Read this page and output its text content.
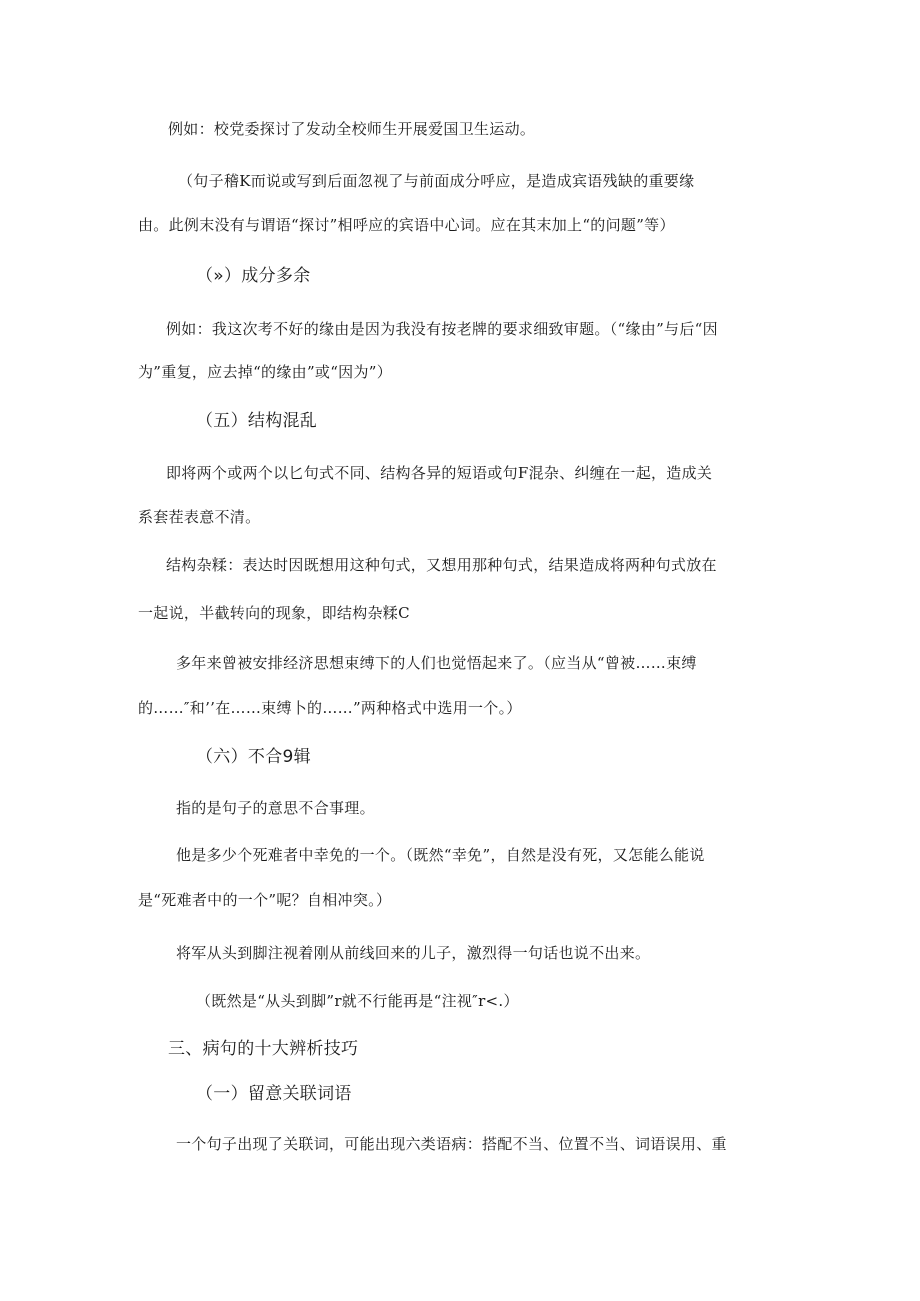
例如：校党委探讨了发动全校师生开展爱国卫生运动。
（句子稽K而说或写到后面忽视了与前面成分呼应，是造成宾语残缺的重要缘
由。此例末没有与谓语“探讨”相呼应的宾语中心词。应在其末加上“的问题”等）
（»）成分多余
例如：我这次考不好的缘由是因为我没有按老牌的要求细致审题。（“缘由”与后“因
为”重复，应去掉“的缘由”或“因为”）
（五）结构混乱
即将两个或两个以匕句式不同、结构各异的短语或句F混杂、纠缠在一起，造成关
系套茬表意不清。
结构杂糅：表达时因既想用这种句式，又想用那种句式，结果造成将两种句式放在
一起说，半截转向的现象，即结构杂糅C
多年来曾被安排经济思想束缚下的人们也觉悟起来了。（应当从“曾被……束缚
的……″和’’在……束缚卜的……”两种格式中选用一个。）
（六）不合9辑
指的是句子的意思不合事理。
他是多少个死难者中幸免的一个。（既然“幸免”，自然是没有死，又怎能么能说
是“死难者中的一个”呢？自相冲突。）
将军从头到脚注视着刚从前线回来的儿子，激烈得一句话也说不出来。
（既然是“从头到脚”r就不行能再是“注视″r<.）
三、病句的十大辨析技巧
（一）留意关联词语
一个句子出现了关联词，可能出现六类语病：搭配不当、位置不当、词语误用、重
